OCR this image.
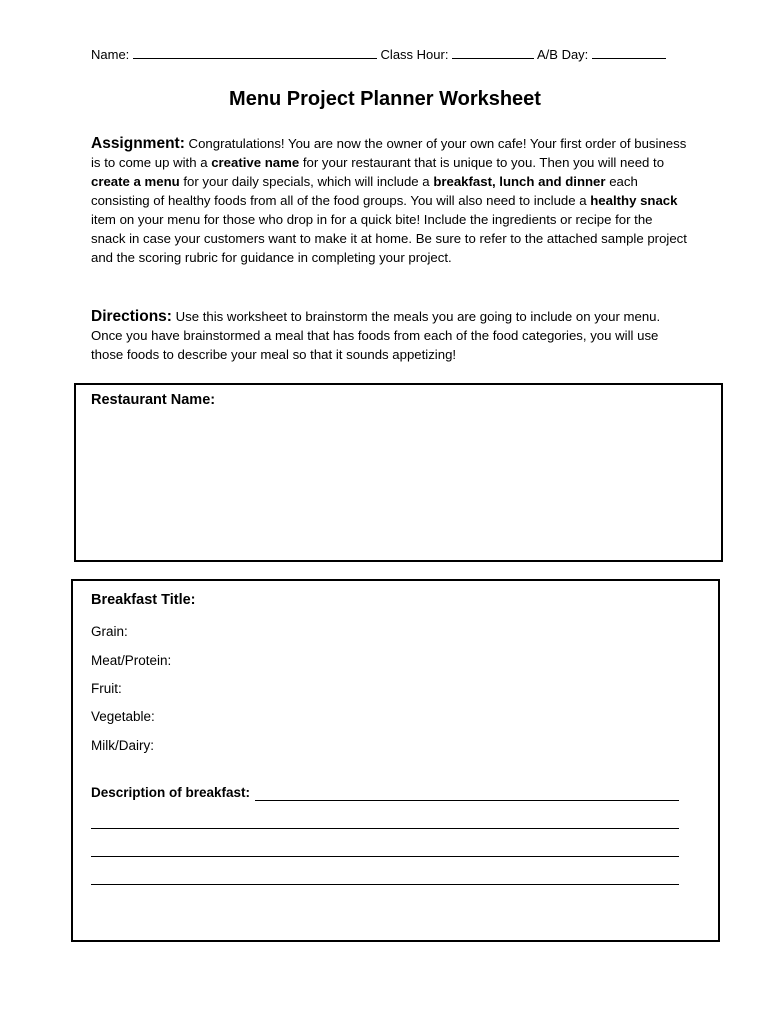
Name:	Class Hour:	A/B Day:
Menu Project Planner Worksheet
Assignment: Congratulations! You are now the owner of your own cafe! Your first order of business is to come up with a creative name for your restaurant that is unique to you. Then you will need to create a menu for your daily specials, which will include a breakfast, lunch and dinner each consisting of healthy foods from all of the food groups. You will also need to include a healthy snack item on your menu for those who drop in for a quick bite! Include the ingredients or recipe for the snack in case your customers want to make it at home. Be sure to refer to the attached sample project and the scoring rubric for guidance in completing your project.
Directions: Use this worksheet to brainstorm the meals you are going to include on your menu. Once you have brainstormed a meal that has foods from each of the food categories, you will use those foods to describe your meal so that it sounds appetizing!
Restaurant Name:
Breakfast Title:
Grain:
Meat/Protein:
Fruit:
Vegetable:
Milk/Dairy:
Description of breakfast:
